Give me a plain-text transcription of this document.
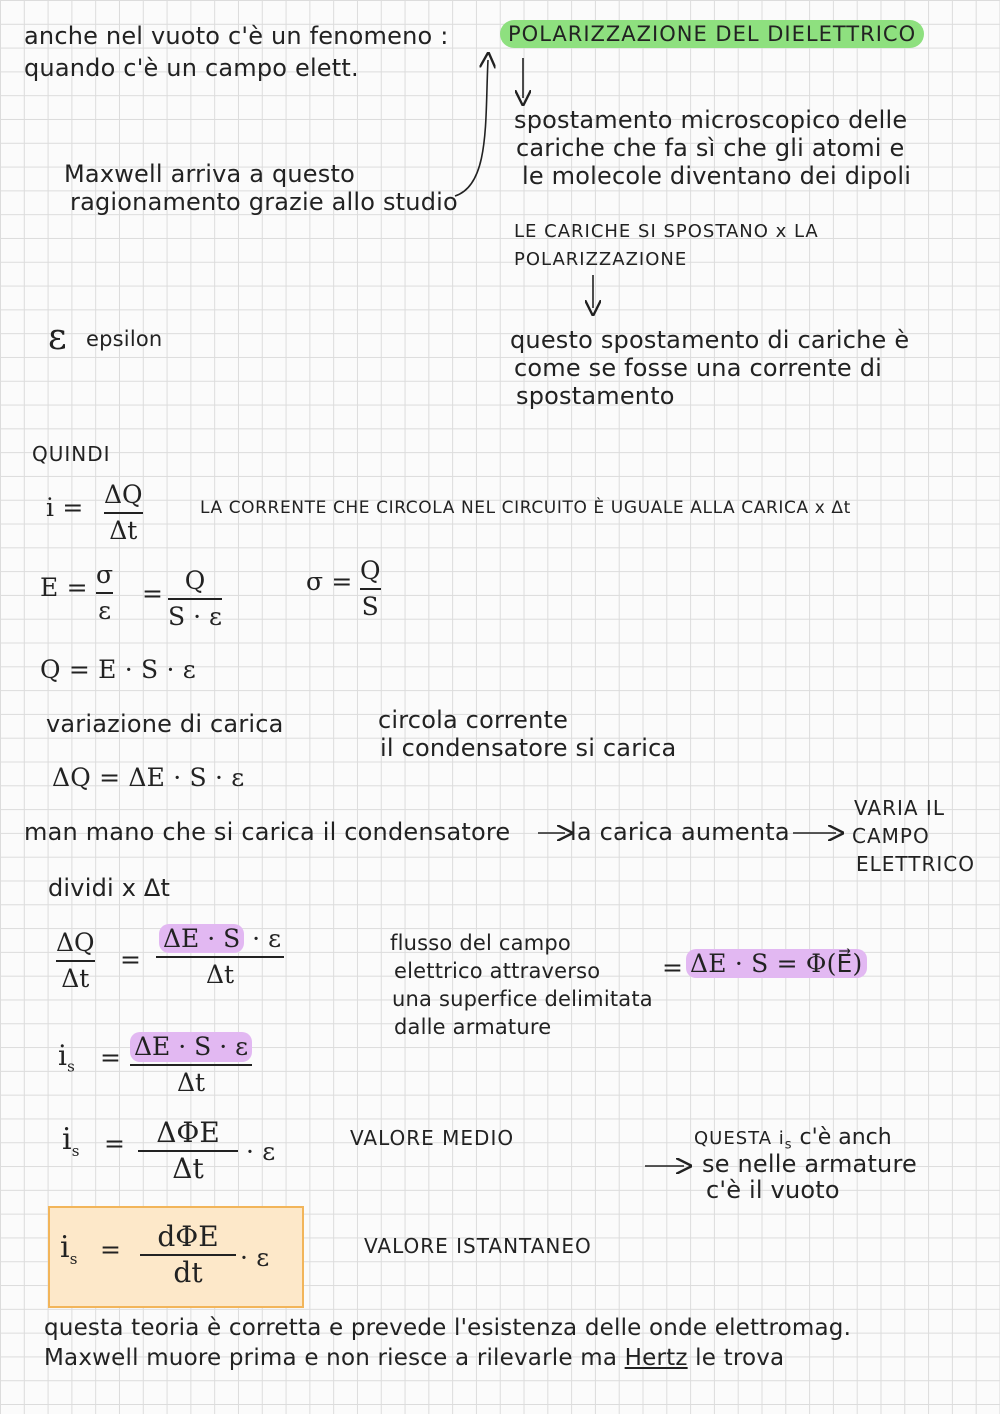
anche nel vuoto c'è un fenomeno :
quando c'è un campo elett.
POLARIZZAZIONE DEL DIELETTRICO
Maxwell arriva a questo
ragionamento grazie allo studio
spostamento microscopico delle
cariche che fa sì che gli atomi e
le molecole diventano dei dipoli
LE CARICHE SI SPOSTANO x LA
POLARIZZAZIONE
ε epsilon	questo spostamento di cariche è
come se fosse una corrente di
spostamento
QUINDI
i = ΔQ
Δt
LA CORRENTE CHE CIRCOLA NEL CIRCUITO È UGUALE ALLA CARICA x Δt
E = σ
ε
= Q
S · ε
σ = Q
S
Q = E · S · ε
variazione di carica	circola corrente
il condensatore si carica
ΔQ = ΔE · S · ε
man mano che si carica il condensatore la carica aumenta
VARIA IL
CAMPO
ELETTRICO
dividi x Δt
ΔQ
Δt
=
ΔE · S · ε
Δt
flusso del campo
elettrico attraverso
una superfice delimitata
dalle armature
= ΔE · S = Φ(E⃗)
$i_s = \Delta E \cdot S \cdot \varepsilon$
Δt
$i_s = \Delta\Phi E$
Δt
· ε	VALORE MEDIO	QUESTA $i_s$ c'è anch
se nelle armature
c'è il vuoto
$i_s = d\Phi E$
dt · ε	VALORE ISTANTANEO
questa teoria è corretta e prevede l'esistenza delle onde elettromag.
Maxwell muore prima e non riesce a rilevarle ma Hertz le trova
